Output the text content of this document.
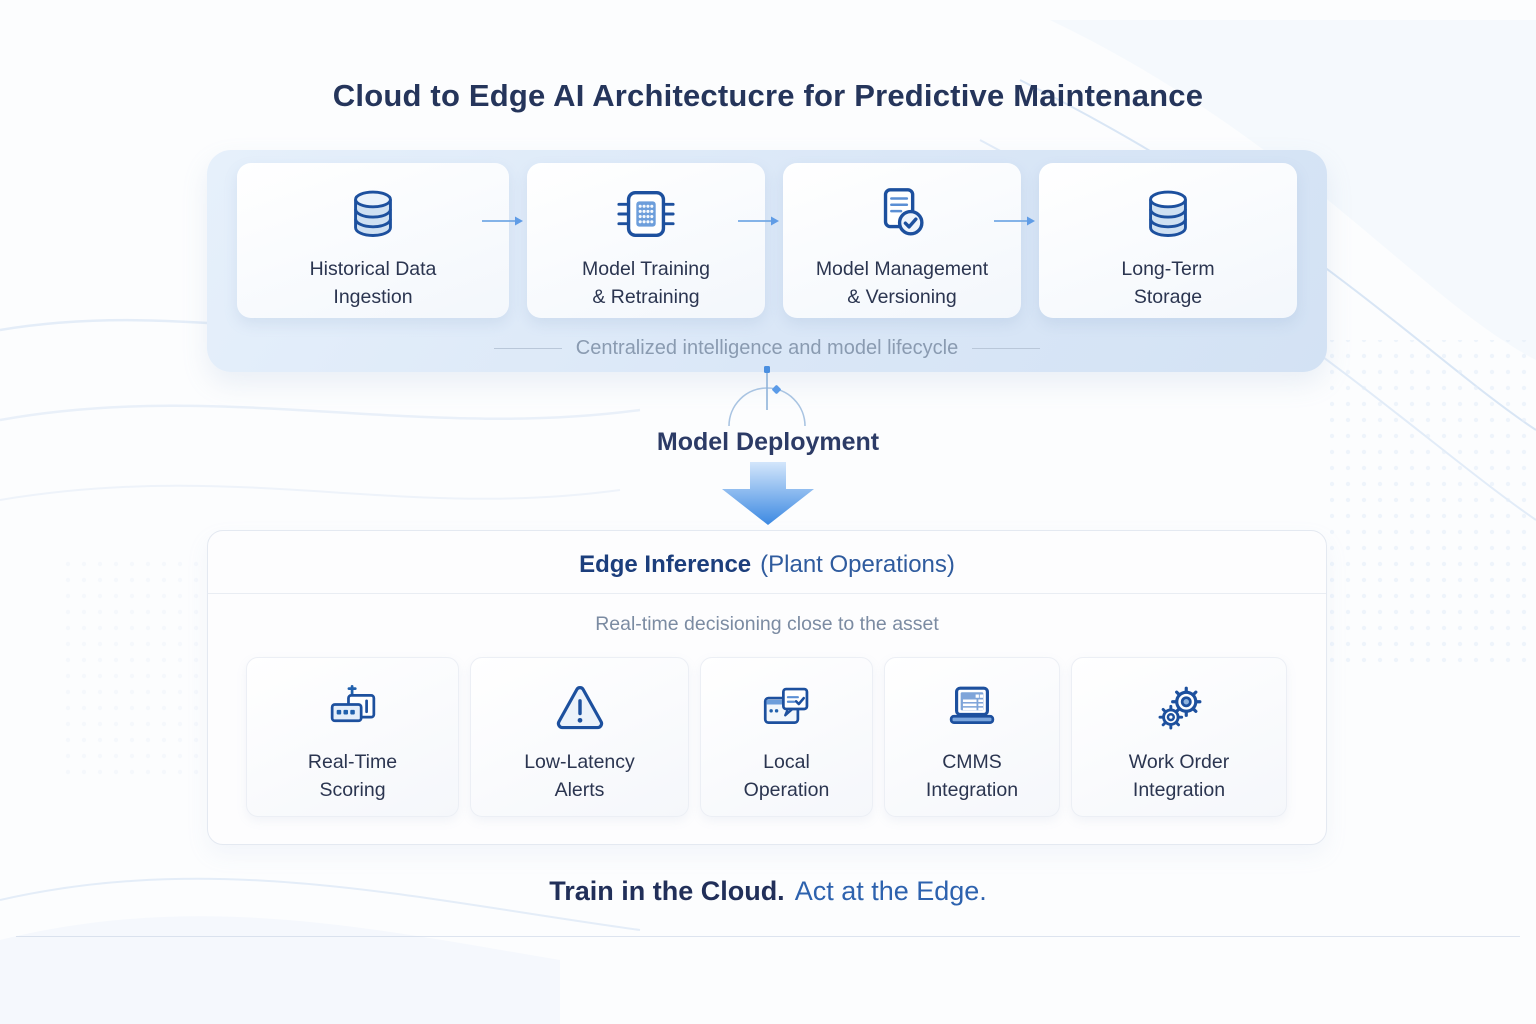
Cloud to Edge AI Architectucre for Predictive Maintenance
Historical Data
Ingestion
Model Training
& Retraining
Model Management
& Versioning
Long-Term
Storage
Centralized intelligence and model lifecycle
Model Deployment
Edge Inference (Plant Operations)
Real-time decisioning close to the asset
Real-Time
Scoring
Low-Latency
Alerts
Local
Operation
CMMS
Integration
Work Order
Integration
Train in the Cloud. Act at the Edge.
